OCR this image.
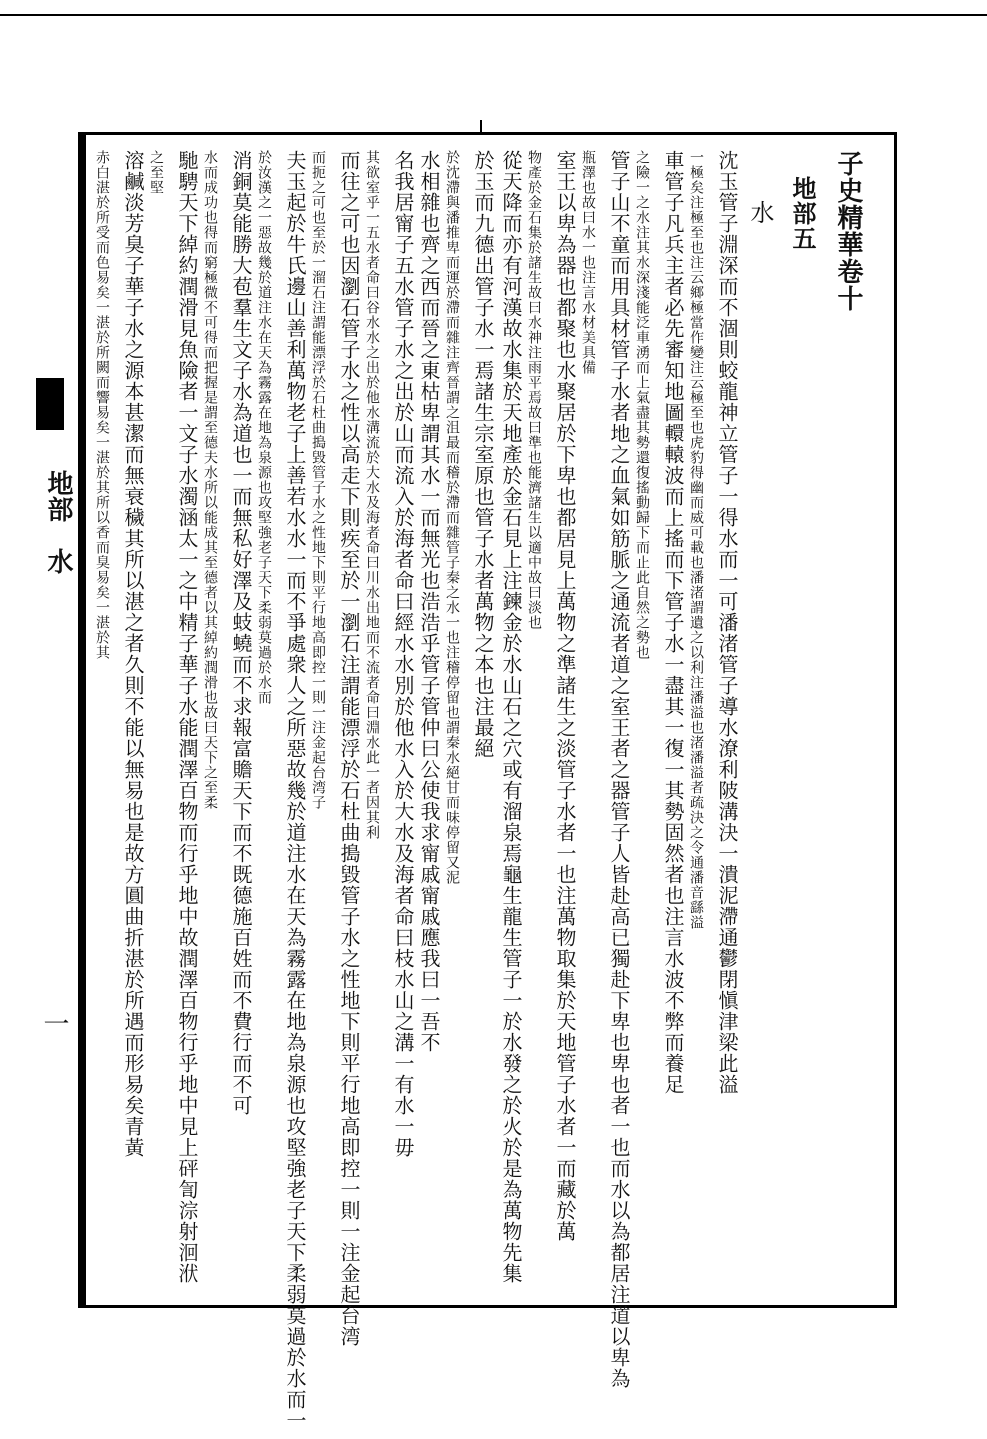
地部　水
一
子史精華卷十
地部五
水
沈玉管子淵深而不涸則蛟龍神立管子一得水而一可潘渚管子導水潦利陂溝決一潰泥滯通鬱閉愼津梁此溢
一極矣注極至也注云鄉極當作變注云極至也虎豹得幽而威可載也潘渚謂遺之以利注潘溢也渚潘溢者疏決之令通潘音繇溢
車管子凡兵主者必先審知地圖轘轅波而上搖而下管子水一盡其一復一其勢固然者也注言水波不弊而養足
之險一之水注其水深淺能泛車湧而上氣盡其勢還復搖動歸下而止此自然之勢也
管子山不童而用具材管子水者地之血氣如筋脈之通流者道之室王者之器管子人皆赴高已獨赴下卑也卑也者一也而水以為都居注道以卑為
瓶澤也故曰水一也注言水材美具備
室王以卑為器也都聚也水聚居於下卑也都居見上萬物之準諸生之淡管子水者一也注萬物取集於天地管子水者一而藏於萬
物產於金石集於諸生故曰水神注雨平焉故曰準也能濟諸生以適中故曰淡也
從天降而亦有河漢故水集於天地產於金石見上注鍊金於水山石之穴或有溜泉焉龜生龍生管子一於水發之於火於是為萬物先集
於玉而九德出管子水一焉諸生宗室原也管子水者萬物之本也注最絕
於沈滯與潘推卑而運於滯而雜注齊晉謂之沮最而稽於滯而雜管子秦之水一也注稽停留也謂秦水絕甘而味停留又泥
水相雜也齊之西而晉之東枯卑謂其水一而無光也浩浩乎管子管仲曰公使我求甯戚甯戚應我曰一吾不
名我居甯子五水管子水之出於山而流入於海者命曰經水水別於他水入於大水及海者命曰枝水山之溝一有水一毋
其欲室乎一五水者命曰谷水水之出於他水溝流於大水及海者命曰川水出地而不流者命曰淵水此一者因其利
而往之可也因瀏石管子水之性以高走下則疾至於一瀏石注謂能漂浮於石杜曲搗毀管子水之性地下則平行地高即控一則一注金起台湾
而扼之可也至於一溜石注謂能漂浮於石杜曲搗毀管子水之性地下則平行地高即控一則一注金起台湾子
夫玉起於牛氏邊山善利萬物老子上善若水水一而不爭處衆人之所惡故幾於道注水在天為霧露在地為泉源也攻堅強老子天下柔弱莫過於水而一
於汝漢之一惡故幾於道注水在天為霧露在地為泉源也攻堅強老子天下柔弱莫過於水而
消銅莫能勝大苞羣生文子水為道也一而無私好澤及蚑蟯而不求報富贍天下而不既德施百姓而不費行而不可
水而成功也得而窮極微不可得而把握是謂至德夫水所以能成其至德者以其綽約潤滑也故曰天下之至柔
馳騁天下綽約潤滑見魚險者一文子水濁涵太一之中精子華子水能潤澤百物而行乎地中故潤澤百物行乎地中見上砰訇淙射洄洑
之至堅
溶鹹淡芳臭子華子水之源本甚潔而無衰穢其所以湛之者久則不能以無易也是故方圓曲折湛於所遇而形易矣青黃
赤白湛於所受而色易矣一湛於所闕而響易矣一湛於其所以香而臭易矣一湛於其
